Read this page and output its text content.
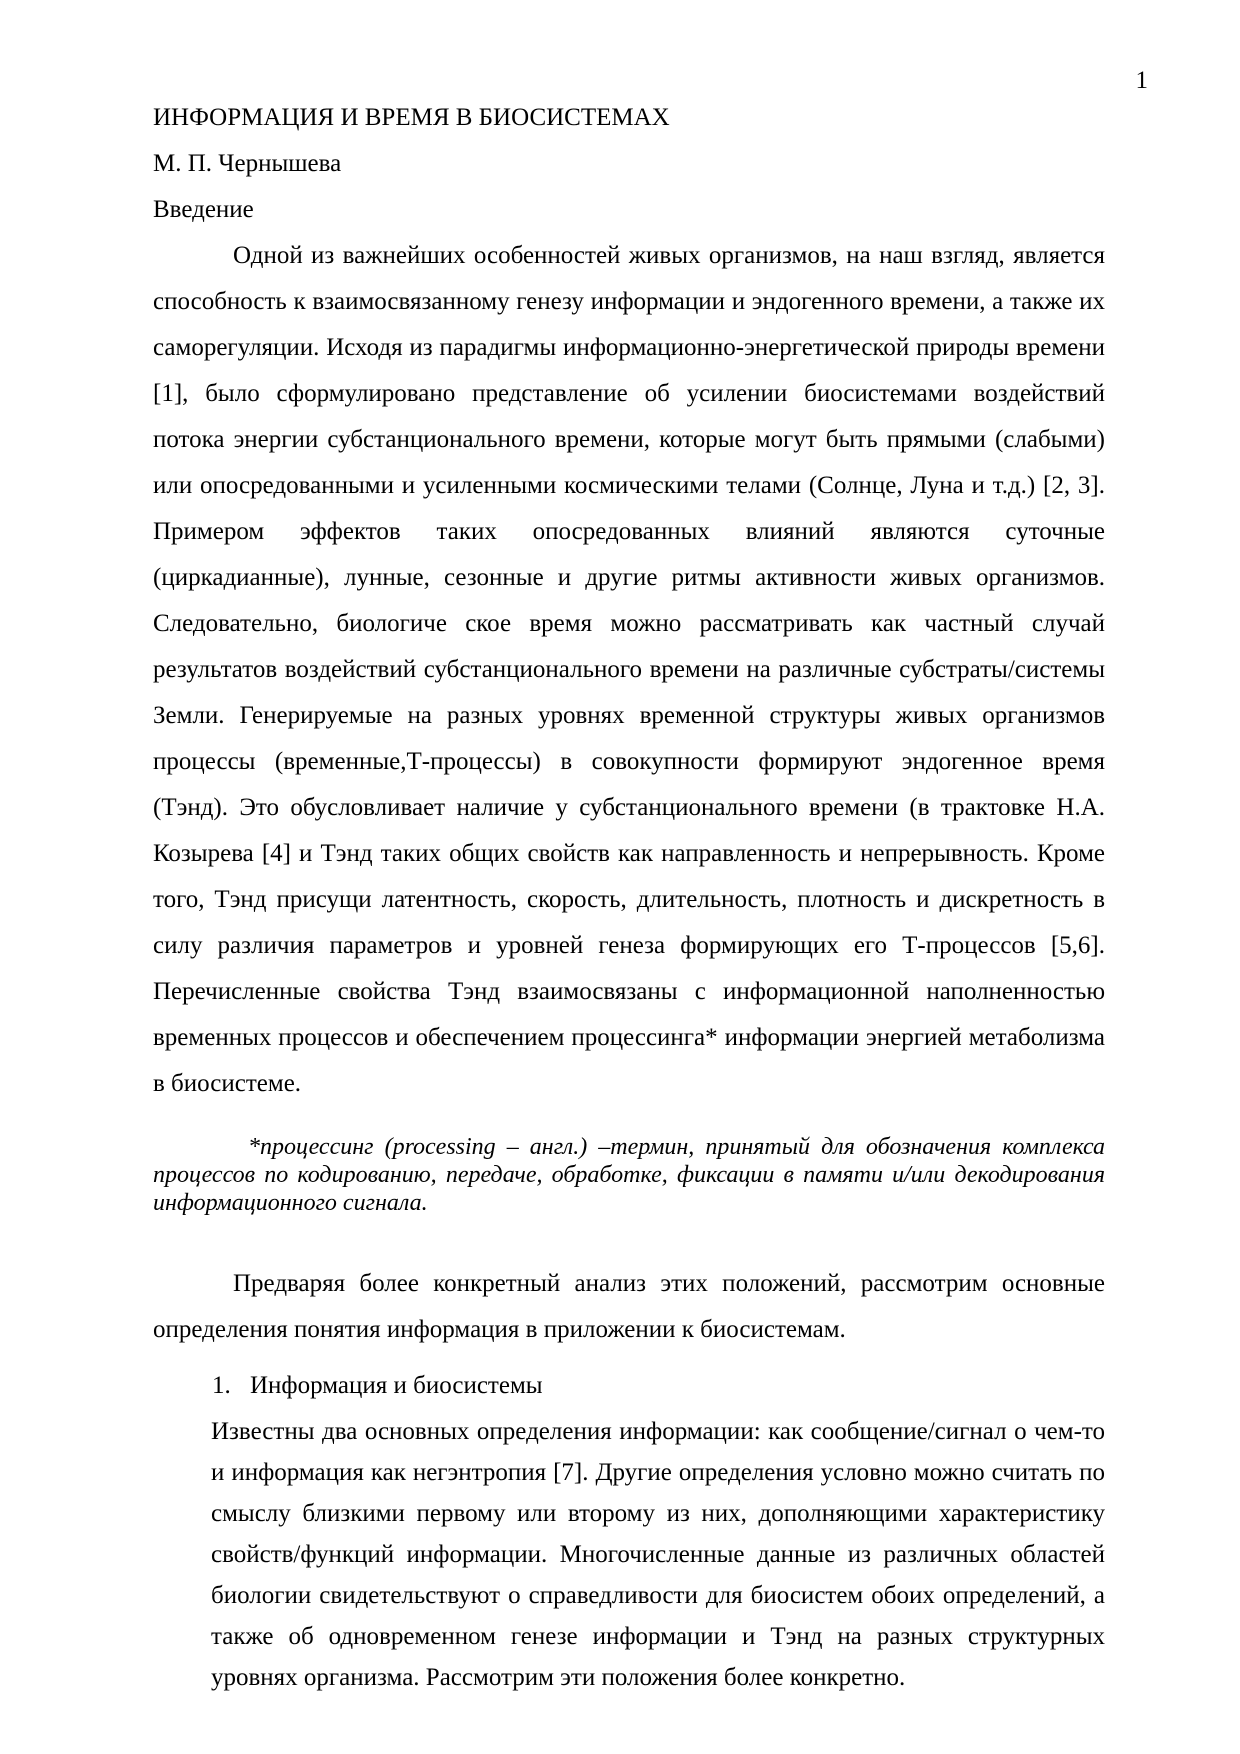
1
ИНФОРМАЦИЯ И ВРЕМЯ В БИОСИСТЕМАХ
М. П. Чернышева
Введение

Одной из важнейших особенностей живых организмов, на наш взгляд, является способность к взаимосвязанному генезу информации и эндогенного времени, а также их саморегуляции. Исходя из парадигмы информационно-энергетической природы времени [1], было сформулировано представление об усилении биосистемами воздействий потока энергии субстанционального времени, которые могут быть прямыми (слабыми) или опосредованными и усиленными космическими телами (Солнце, Луна и т.д.) [2, 3]. Примером эффектов таких опосредованных влияний являются суточные (циркадианные), лунные, сезонные и другие ритмы активности живых организмов. Следовательно, биологиче ское время можно рассматривать как частный случай результатов воздействий субстанционального времени на различные субстраты/системы Земли. Генерируемые на разных уровнях временной структуры живых организмов процессы (временные,Т-процессы) в совокупности формируют эндогенное время (Тэнд). Это обусловливает наличие у субстанционального времени (в трактовке Н.А. Козырева [4] и Тэнд таких общих свойств как направленность и непрерывность. Кроме того, Тэнд присущи латентность, скорость, длительность, плотность и дискретность в силу различия параметров и уровней генеза формирующих его Т-процессов [5,6]. Перечисленные свойства Тэнд взаимосвязаны с информационной наполненностью временных процессов и обеспечением процессинга* информации энергией метаболизма в биосистеме.

*процессинг (processing – англ.) –термин, принятый для обозначения комплекса процессов по кодированию, передаче, обработке, фиксации в памяти и/или декодирования информационного сигнала.

Предваряя более конкретный анализ этих положений, рассмотрим основные определения понятия информация в приложении к биосистемам.

1. Информация и биосистемы

Известны два основных определения информации: как сообщение/сигнал о чем-то и информация как негэнтропия [7]. Другие определения условно можно считать по смыслу близкими первому или второму из них, дополняющими характеристику свойств/функций информации. Многочисленные данные из различных областей биологии свидетельствуют о справедливости для биосистем обоих определений, а также об одновременном генезе информации и Тэнд на разных структурных уровнях организма. Рассмотрим эти положения более конкретно.
